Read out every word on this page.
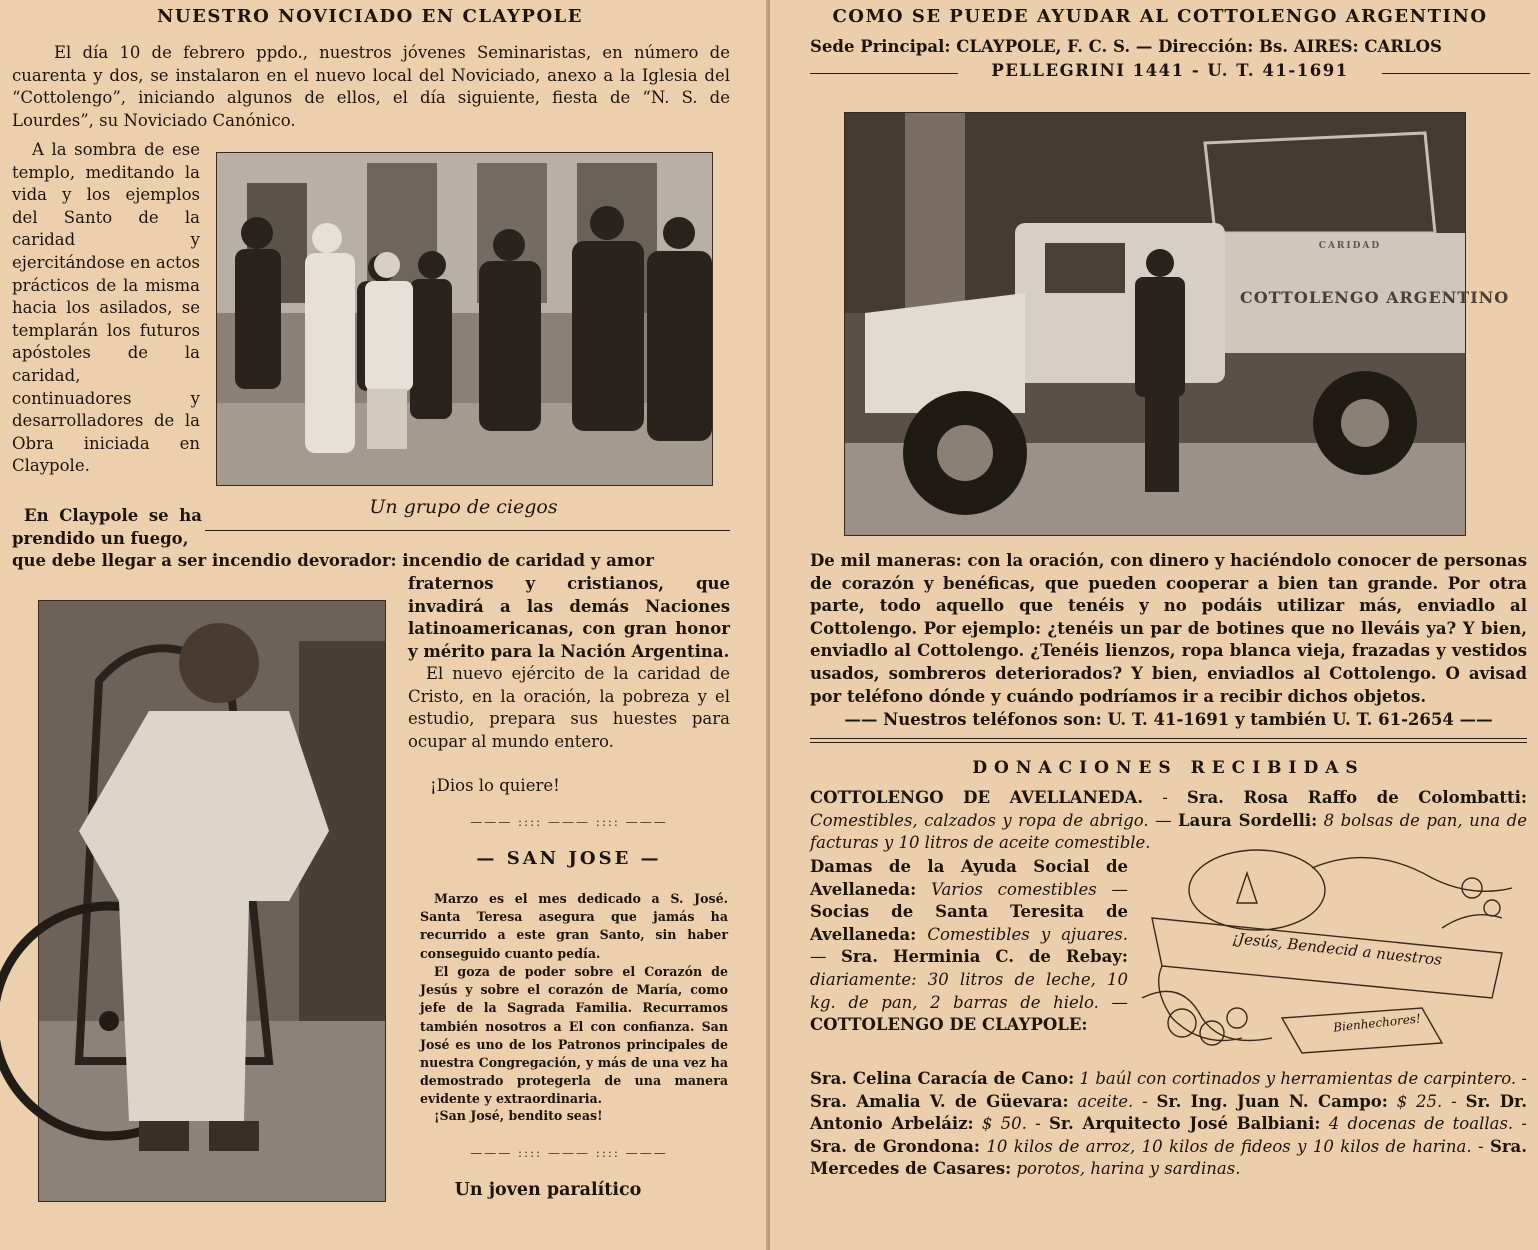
NUESTRO NOVICIADO EN CLAYPOLE
El día 10 de febrero ppdo., nuestros jóvenes Seminaristas, en número de cuarenta y dos, se instalaron en el nuevo local del Noviciado, anexo a la Iglesia del “Cottolengo”, iniciando algunos de ellos, el día siguiente, fiesta de “N. S. de Lourdes”, su Noviciado Canónico.
A la sombra de ese templo, meditando la vida y los ejemplos del Santo de la caridad y ejercitándose en actos prácticos de la misma hacia los asilados, se templarán los futuros apóstoles de la caridad, continuadores y desarrolladores de la Obra iniciada en Claypole.
Un grupo de ciegos
En Claypole se ha prendido un fuego,
que debe llegar a ser incendio devorador: incendio de caridad y amor
fraternos y cristianos, que invadirá a las demás Naciones latinoamericanas, con gran honor y mérito para la Nación Argentina.
El nuevo ejército de la caridad de Cristo, en la oración, la pobreza y el estudio, prepara sus huestes para ocupar al mundo entero.
¡Dios lo quiere!
——— :::: ——— :::: ———
— SAN JOSE —
Marzo es el mes dedicado a S. José. Santa Teresa asegura que jamás ha recurrido a este gran Santo, sin haber conseguido cuanto pedía.
El goza de poder sobre el Corazón de Jesús y sobre el corazón de María, como jefe de la Sagrada Familia. Recurramos también nosotros a El con confianza. San José es uno de los Patronos principales de nuestra Congregación, y más de una vez ha demostrado protegerla de una manera evidente y extraordinaria.
¡San José, bendito seas!
——— :::: ——— :::: ———
Un joven paralítico
COMO SE PUEDE AYUDAR AL COTTOLENGO ARGENTINO
Sede Principal: CLAYPOLE, F. C. S. — Dirección: Bs. AIRES: CARLOS
PELLEGRINI 1441 - U. T. 41-1691
CARIDAD
COTTOLENGO ARGENTINO
De mil maneras: con la oración, con dinero y haciéndolo conocer de personas de corazón y benéficas, que pueden cooperar a bien tan grande. Por otra parte, todo aquello que tenéis y no podáis utilizar más, enviadlo al Cottolengo. Por ejemplo: ¿tenéis un par de botines que no lleváis ya? Y bien, enviadlo al Cottolengo. ¿Tenéis lienzos, ropa blanca vieja, frazadas y vestidos usados, sombreros deteriorados? Y bien, enviadlos al Cottolengo. O avisad por teléfono dónde y cuándo podríamos ir a recibir dichos objetos.
—— Nuestros teléfonos son: U. T. 41-1691 y también U. T. 61-2654 ——
DONACIONES RECIBIDAS
COTTOLENGO DE AVELLANEDA. - Sra. Rosa Raffo de Colombatti: Comestibles, calzados y ropa de abrigo. — Laura Sordelli: 8 bolsas de pan, una de facturas y 10 litros de aceite comestible.
Damas de la Ayuda Social de Avellaneda: Varios comestibles — Socias de Santa Teresita de Avellaneda: Comestibles y ajuares. — Sra. Herminia C. de Rebay: diariamente: 30 litros de leche, 10 kg. de pan, 2 barras de hielo. — COTTOLENGO DE CLAYPOLE:
¡Jesús, Bendecid a nuestros
Bienhechores!
Sra. Celina Caracía de Cano: 1 baúl con cortinados y herramientas de carpintero. - Sra. Amalia V. de Güevara: aceite. - Sr. Ing. Juan N. Campo: $ 25. - Sr. Dr. Antonio Arbeláiz: $ 50. - Sr. Arquitecto José Balbiani: 4 docenas de toallas. - Sra. de Grondona: 10 kilos de arroz, 10 kilos de fideos y 10 kilos de harina. - Sra. Mercedes de Casares: porotos, harina y sardinas.
